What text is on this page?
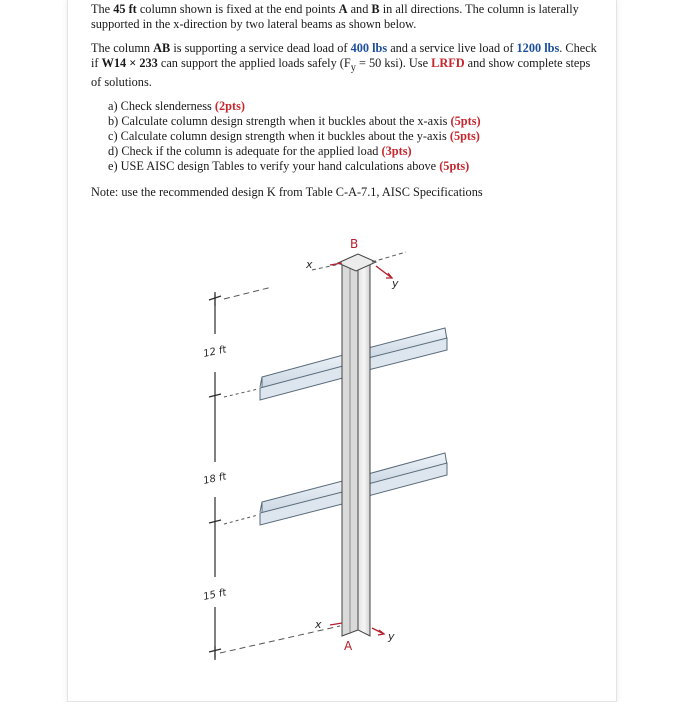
The 45 ft column shown is fixed at the end points A and B in all directions. The column is laterally supported in the x-direction by two lateral beams as shown below.

The column AB is supporting a service dead load of 400 lbs and a service live load of 1200 lbs. Check if W14 × 233 can support the applied loads safely ($F_y = 50$ ksi). Use LRFD and show complete steps of solutions.

a) Check slenderness (2pts)
b) Calculate column design strength when it buckles about the x-axis (5pts)
c) Calculate column design strength when it buckles about the y-axis (5pts)
d) Check if the column is adequate for the applied load (3pts)
e) USE AISC design Tables to verify your hand calculations above (5pts)

Note: use the recommended design K from Table C-A-7.1, AISC Specifications

12 ft
18 ft
15 ft
B
A
x
y
x
y
